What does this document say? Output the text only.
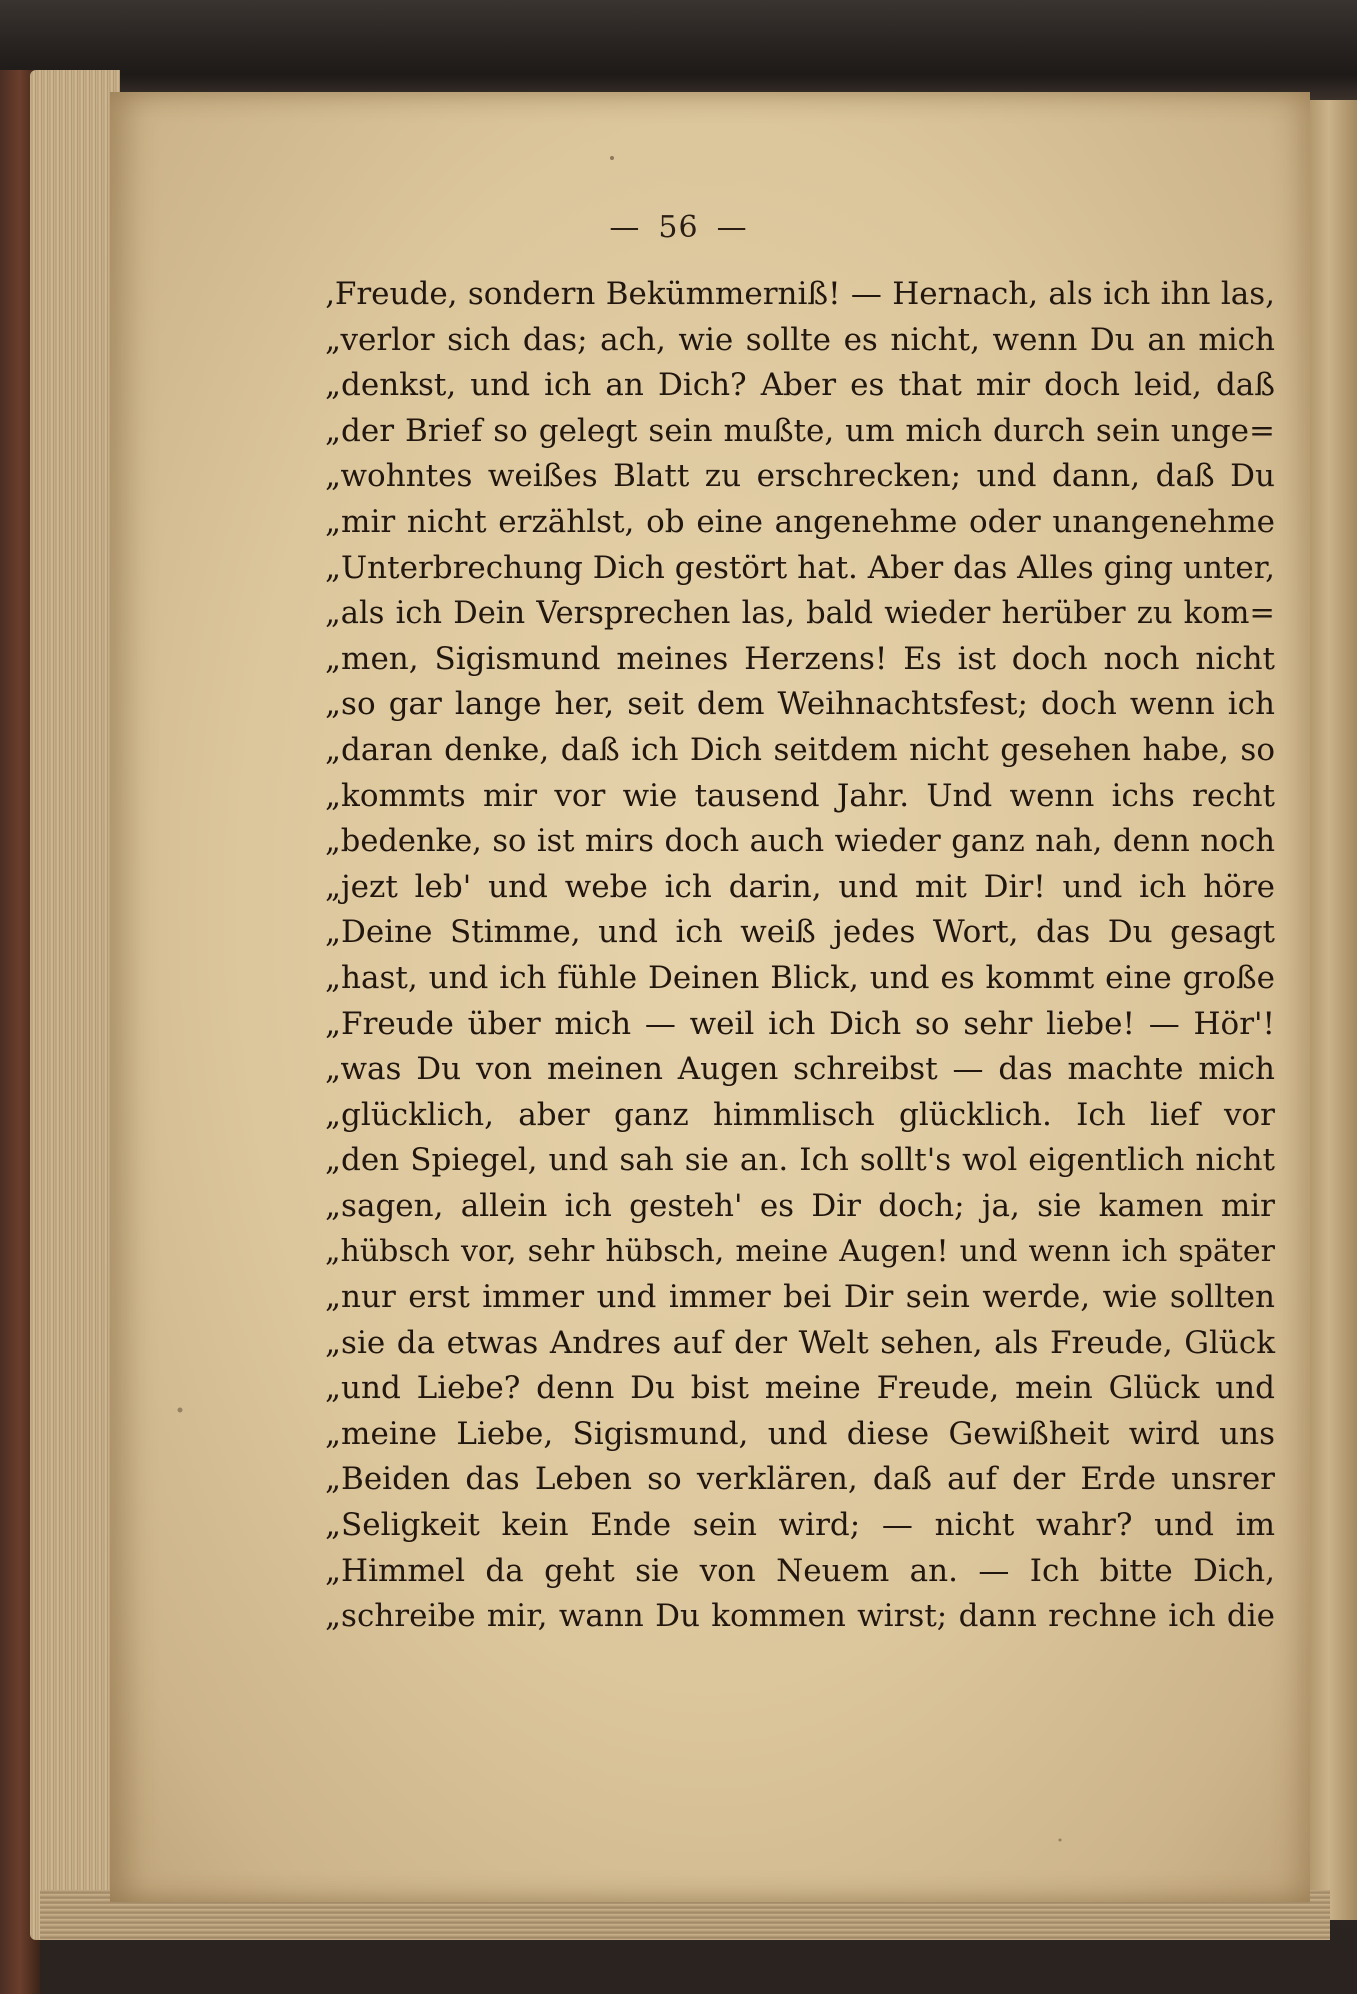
— 56 —
‚Freude, sondern Bekümmerniß! — Hernach, als ich ihn las,
„verlor sich das; ach, wie sollte es nicht, wenn Du an mich
„denkst, und ich an Dich? Aber es that mir doch leid, daß
„der Brief so gelegt sein mußte, um mich durch sein unge=
„wohntes weißes Blatt zu erschrecken; und dann, daß Du
„mir nicht erzählst, ob eine angenehme oder unangenehme
„Unterbrechung Dich gestört hat. Aber das Alles ging unter,
„als ich Dein Versprechen las, bald wieder herüber zu kom=
„men, Sigismund meines Herzens! Es ist doch noch nicht
„so gar lange her, seit dem Weihnachtsfest; doch wenn ich
„daran denke, daß ich Dich seitdem nicht gesehen habe, so
„kommts mir vor wie tausend Jahr. Und wenn ichs recht
„bedenke, so ist mirs doch auch wieder ganz nah, denn noch
„jezt leb' und webe ich darin, und mit Dir! und ich höre
„Deine Stimme, und ich weiß jedes Wort, das Du gesagt
„hast, und ich fühle Deinen Blick, und es kommt eine große
„Freude über mich — weil ich Dich so sehr liebe! — Hör'!
„was Du von meinen Augen schreibst — das machte mich
„glücklich, aber ganz himmlisch glücklich. Ich lief vor
„den Spiegel, und sah sie an. Ich sollt's wol eigentlich nicht
„sagen, allein ich gesteh' es Dir doch; ja, sie kamen mir
„hübsch vor, sehr hübsch, meine Augen! und wenn ich später
„nur erst immer und immer bei Dir sein werde, wie sollten
„sie da etwas Andres auf der Welt sehen, als Freude, Glück
„und Liebe? denn Du bist meine Freude, mein Glück und
„meine Liebe, Sigismund, und diese Gewißheit wird uns
„Beiden das Leben so verklären, daß auf der Erde unsrer
„Seligkeit kein Ende sein wird; — nicht wahr? und im
„Himmel da geht sie von Neuem an. — Ich bitte Dich,
„schreibe mir, wann Du kommen wirst; dann rechne ich die
